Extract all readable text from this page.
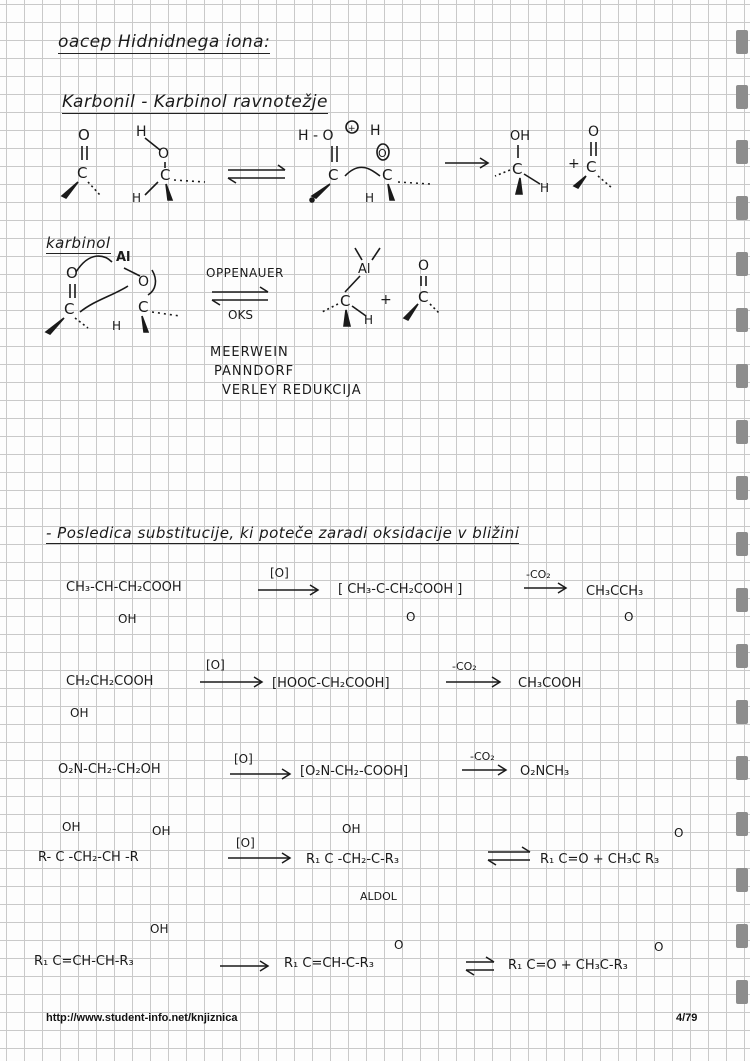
oacep Hidnidnega iona:
Karbonil - Karbinol ravnotežje
O
C
H
O
C
H
H - O +
C
H
O
C
H
OH
C
H
+
O
C
karbinol
O
C
O
C
H
C
H
+
O
C
Al
Al
OPPENAUER
OKS
MEERWEIN
PANNDORF
VERLEY REDUKCIJA
- Posledica substitucije, ki poteče zaradi oksidacije v bližini
CH₃-CH-CH₂COOH
OH
[O]
[ CH₃-C-CH₂COOH ]
O
-CO₂
CH₃CCH₃
O
CH₂CH₂COOH
OH
[O]
[HOOC-CH₂COOH]
-CO₂
CH₃COOH
O₂N-CH₂-CH₂OH
[O]
[O₂N-CH₂-COOH]
-CO₂
O₂NCH₃
OH	OH
R- C -CH₂-CH -R
[O]
OH
R₁ C -CH₂-C-R₃
ALDOL
O
R₁ C=O + CH₃C R₃
OH
R₁ C=CH-CH-R₃
O
R₁ C=CH-C-R₃
O
R₁ C=O + CH₃C-R₃
http://www.student-info.net/knjiznica	4/79
